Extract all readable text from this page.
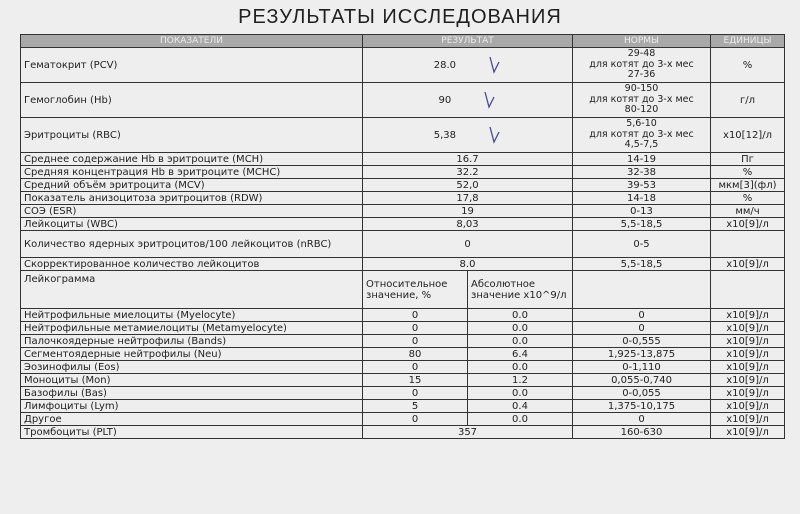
РЕЗУЛЬТАТЫ ИССЛЕДОВАНИЯ
ПОКАЗАТЕЛИ	РЕЗУЛЬТАТ		НОРМЫ	ЕДИНИЦЫ
Гематокрит (PCV)	28.0		29-48
для котят до 3-х мес
27-36	%
Гемоглобин (Hb)	90		90-150
для котят до 3-х мес
80-120	г/л
Эритроциты (RBC)	5,38		5,6-10
для котят до 3-х мес
4,5-7,5	x10[12]/л
Среднее содержание Нb в эритроците (MCH)	16.7		14-19	Пг
Средняя концентрация Нb в эритроците (MCHC)	32.2		32-38	%
Средний объём эритроцита (MCV)	52,0		39-53	мкм[3](фл)
Показатель анизоцитоза эритроцитов (RDW)	17,8		14-18	%
СОЭ (ESR)	19		0-13	мм/ч
Лейкоциты (WBC)	8,03		5,5-18,5	x10[9]/л
Количество ядерных эритроцитов/100 лейкоцитов (nRBC)	0		0-5	
Скорректированное количество лейкоцитов	8.0		5,5-18,5	x10[9]/л
Лейкограмма	Относительное значение, %	Абсолютное значение x10^9/л		
Нейтрофильные миелоциты (Myelocyte)	0	0.0	0	x10[9]/л
Нейтрофильные метамиелоциты (Metamyelocyte)	0	0.0	0	x10[9]/л
Палочкоядерные нейтрофилы (Bands)	0	0.0	0-0,555	x10[9]/л
Сегментоядерные нейтрофилы (Neu)	80	6.4	1,925-13,875	x10[9]/л
Эозинофилы (Eos)	0	0.0	0-1,110	x10[9]/л
Моноциты (Mon)	15	1.2	0,055-0,740	x10[9]/л
Базофилы (Bas)	0	0.0	0-0,055	x10[9]/л
Лимфоциты (Lym)	5	0.4	1,375-10,175	x10[9]/л
Другое	0	0.0	0	x10[9]/л
Тромбоциты (PLT)	357		160-630	x10[9]/л
